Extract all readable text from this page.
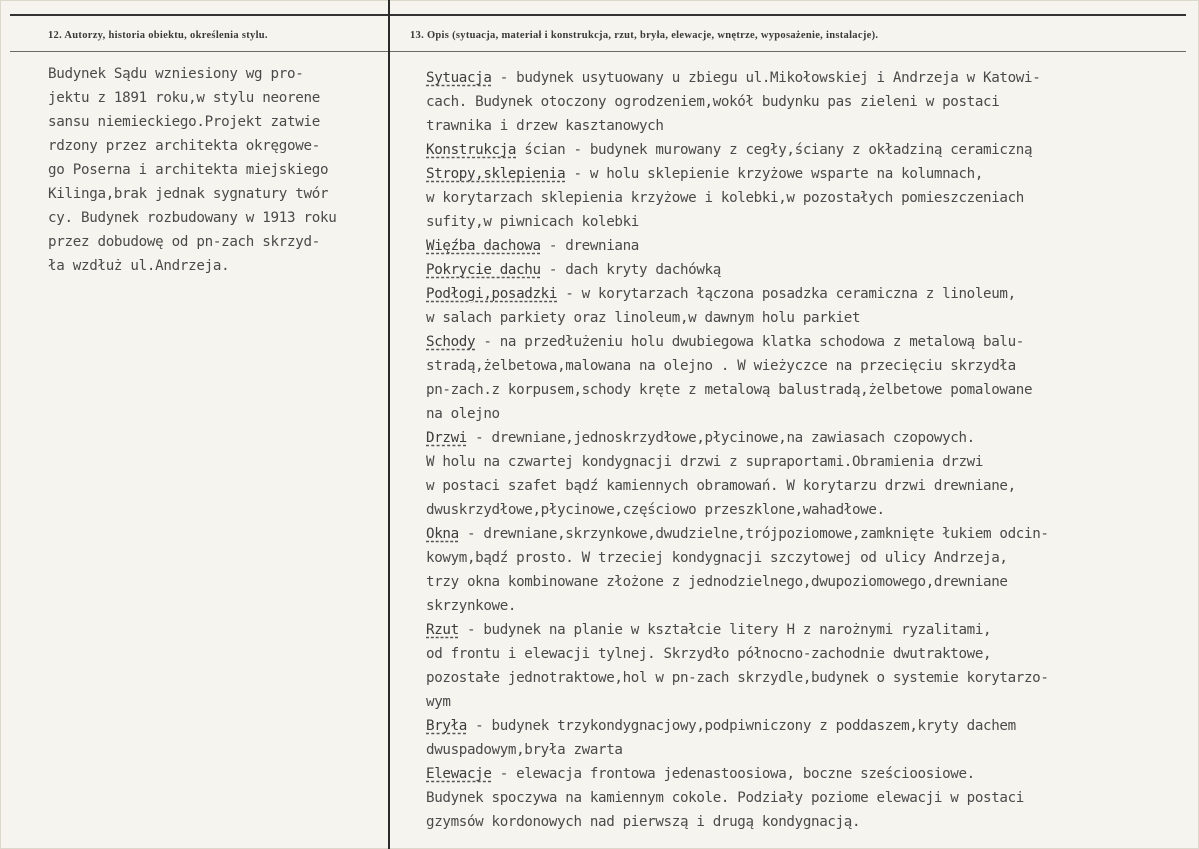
12. Autorzy, historia obiektu, określenia stylu.	13. Opis (sytuacja, materiał i konstrukcja, rzut, bryła, elewacje, wnętrze, wyposażenie, instalacje).
Budynek Sądu wzniesiony wg pro-
jektu z 1891 roku,w stylu neorene
sansu niemieckiego.Projekt zatwie
rdzony przez architekta okręgowe-
go Poserna i architekta miejskiego
Kilinga,brak jednak sygnatury twór
cy. Budynek rozbudowany w 1913 roku
przez dobudowę od pn-zach skrzyd-
ła wzdłuż ul.Andrzeja.
Sytuacja - budynek usytuowany u zbiegu ul.Mikołowskiej i Andrzeja w Katowi-
cach. Budynek otoczony ogrodzeniem,wokół budynku pas zieleni w postaci
trawnika i drzew kasztanowych
Konstrukcja ścian - budynek murowany z cegły,ściany z okładziną ceramiczną
Stropy,sklepienia - w holu sklepienie krzyżowe wsparte na kolumnach,
w korytarzach sklepienia krzyżowe i kolebki,w pozostałych pomieszczeniach
sufity,w piwnicach kolebki
Więźba dachowa - drewniana
Pokrycie dachu - dach kryty dachówką
Podłogi,posadzki - w korytarzach łączona posadzka ceramiczna z linoleum,
w salach parkiety oraz linoleum,w dawnym holu parkiet
Schody - na przedłużeniu holu dwubiegowa klatka schodowa z metalową balu-
stradą,żelbetowa,malowana na olejno . W wieżyczce na przecięciu skrzydła
pn-zach.z korpusem,schody kręte z metalową balustradą,żelbetowe pomalowane
na olejno
Drzwi - drewniane,jednoskrzydłowe,płycinowe,na zawiasach czopowych.
W holu na czwartej kondygnacji drzwi z supraportami.Obramienia drzwi
w postaci szafet bądź kamiennych obramowań. W korytarzu drzwi drewniane,
dwuskrzydłowe,płycinowe,częściowo przeszklone,wahadłowe.
Okna - drewniane,skrzynkowe,dwudzielne,trójpoziomowe,zamknięte łukiem odcin-
kowym,bądź prosto. W trzeciej kondygnacji szczytowej od ulicy Andrzeja,
trzy okna kombinowane złożone z jednodzielnego,dwupoziomowego,drewniane
skrzynkowe.
Rzut - budynek na planie w kształcie litery H z narożnymi ryzalitami,
od frontu i elewacji tylnej. Skrzydło północno-zachodnie dwutraktowe,
pozostałe jednotraktowe,hol w pn-zach skrzydle,budynek o systemie korytarzo-
wym
Bryła - budynek trzykondygnacjowy,podpiwniczony z poddaszem,kryty dachem
dwuspadowym,bryła zwarta
Elewacje - elewacja frontowa jedenastoosiowa, boczne sześcioosiowe.
Budynek spoczywa na kamiennym cokole. Podziały poziome elewacji w postaci
gzymsów kordonowych nad pierwszą i drugą kondygnacją.
